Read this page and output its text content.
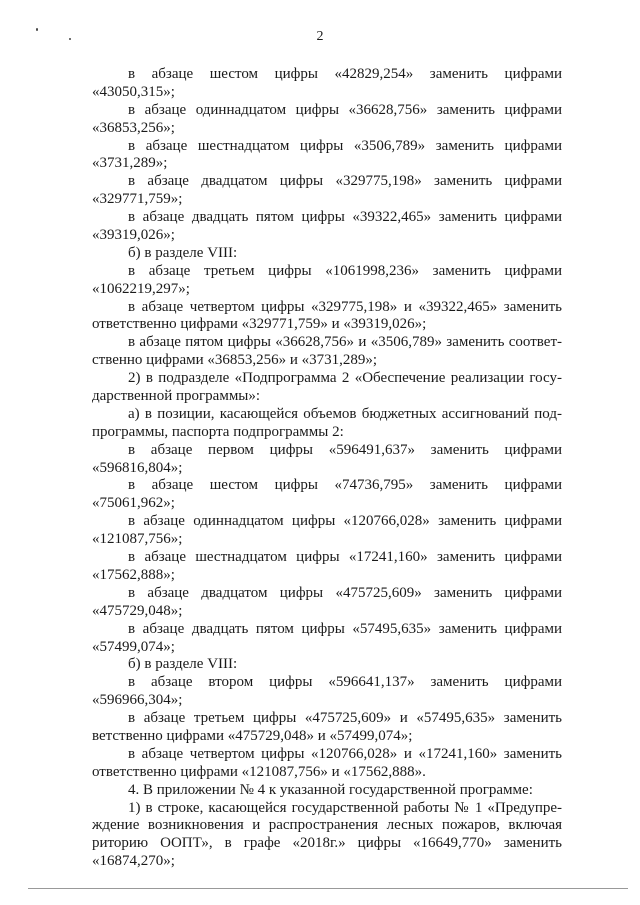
2
в абзаце шестом цифры «42829,254» заменить цифрами
«43050,315»;
в абзаце одиннадцатом цифры «36628,756» заменить цифрами
«36853,256»;
в абзаце шестнадцатом цифры «3506,789» заменить цифрами
«3731,289»;
в абзаце двадцатом цифры «329775,198» заменить цифрами
«329771,759»;
в абзаце двадцать пятом цифры «39322,465» заменить цифрами
«39319,026»;
б) в разделе VIII:
в абзаце третьем цифры «1061998,236» заменить цифрами
«1062219,297»;
в абзаце четвертом цифры «329775,198» и «39322,465» заменить
ответственно цифрами «329771,759» и «39319,026»;
в абзаце пятом цифры «36628,756» и «3506,789» заменить соответ-
ственно цифрами «36853,256» и «3731,289»;
2) в подразделе «Подпрограмма 2 «Обеспечение реализации госу-
дарственной программы»:
а) в позиции, касающейся объемов бюджетных ассигнований под-
программы, паспорта подпрограммы 2:
в абзаце первом цифры «596491,637» заменить цифрами
«596816,804»;
в абзаце шестом цифры «74736,795» заменить цифрами
«75061,962»;
в абзаце одиннадцатом цифры «120766,028» заменить цифрами
«121087,756»;
в абзаце шестнадцатом цифры «17241,160» заменить цифрами
«17562,888»;
в абзаце двадцатом цифры «475725,609» заменить цифрами
«475729,048»;
в абзаце двадцать пятом цифры «57495,635» заменить цифрами
«57499,074»;
б) в разделе VIII:
в абзаце втором цифры «596641,137» заменить цифрами
«596966,304»;
в абзаце третьем цифры «475725,609» и «57495,635» заменить
ветственно цифрами «475729,048» и «57499,074»;
в абзаце четвертом цифры «120766,028» и «17241,160» заменить
ответственно цифрами «121087,756» и «17562,888».
4. В приложении № 4 к указанной государственной программе:
1) в строке, касающейся государственной работы № 1 «Предупре-
ждение возникновения и распространения лесных пожаров, включая
риторию ООПТ», в графе «2018г.» цифры «16649,770» заменить
«16874,270»;
